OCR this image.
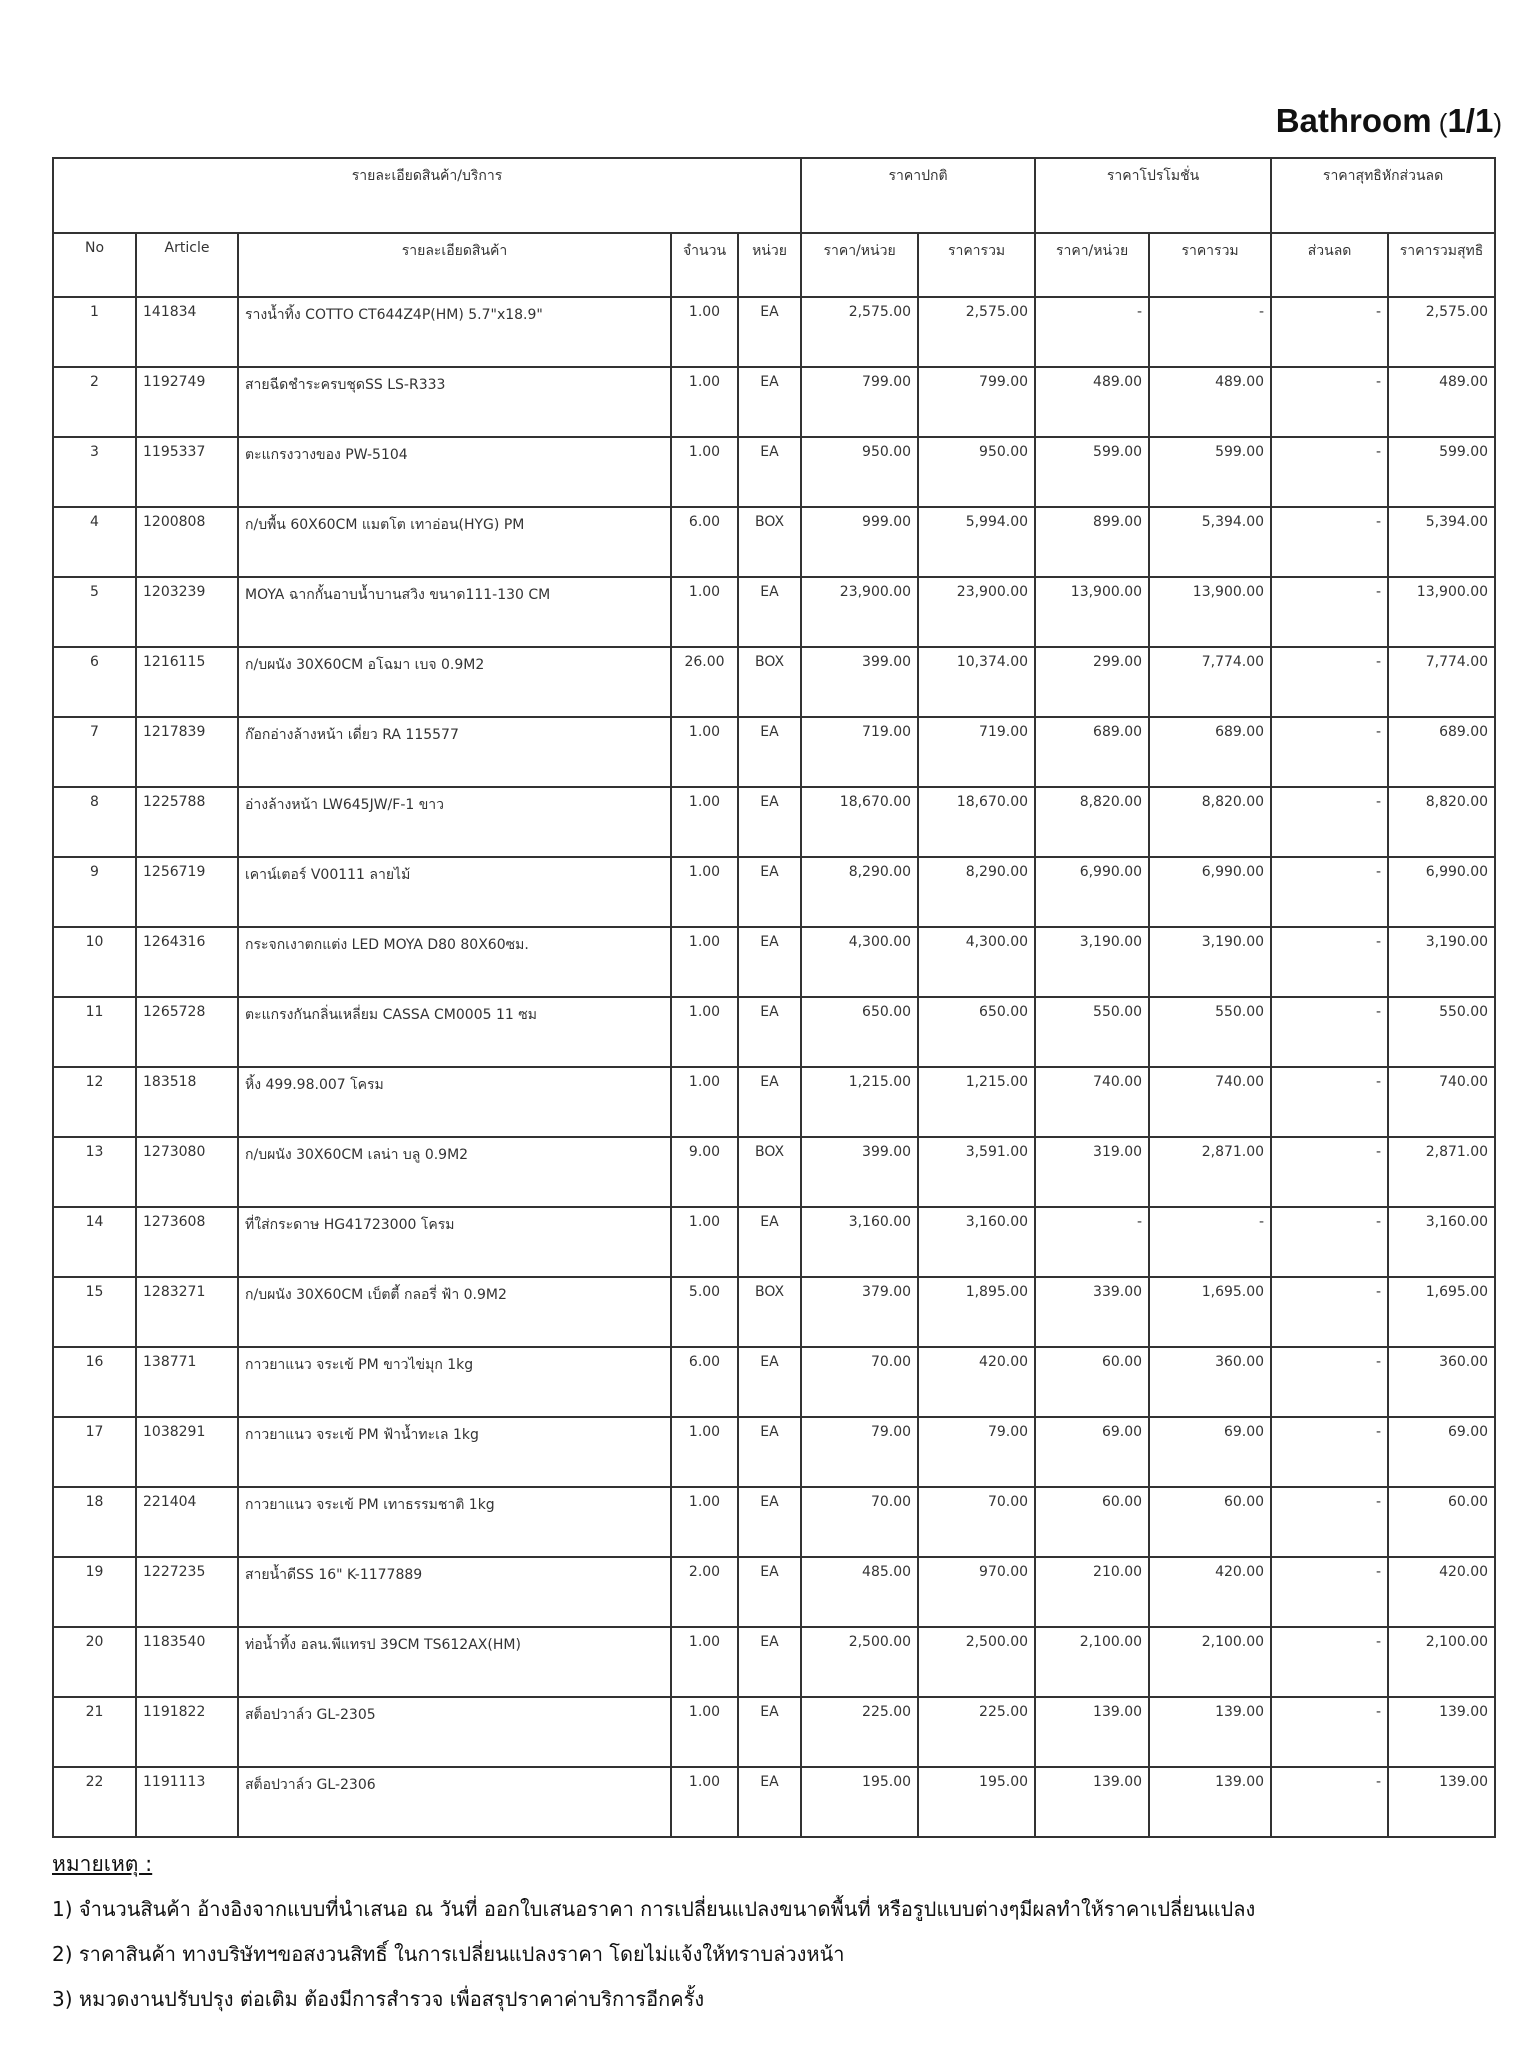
Bathroom (1/1)
รายละเอียดสินค้า/บริการ					ราคาปกติ		ราคาโปรโมชั่น		ราคาสุทธิหักส่วนลด	
No	Article	รายละเอียดสินค้า	จำนวน	หน่วย	ราคา/หน่วย	ราคารวม	ราคา/หน่วย	ราคารวม	ส่วนลด	ราคารวมสุทธิ
1	141834	รางน้ำทิ้ง COTTO CT644Z4P(HM) 5.7"x18.9"	1.00	EA	2,575.00	2,575.00	-	-	-	2,575.00
2	1192749	สายฉีดชำระครบชุดSS LS-R333	1.00	EA	799.00	799.00	489.00	489.00	-	489.00
3	1195337	ตะแกรงวางของ PW-5104	1.00	EA	950.00	950.00	599.00	599.00	-	599.00
4	1200808	ก/บพื้น 60X60CM แมตโต เทาอ่อน(HYG) PM	6.00	BOX	999.00	5,994.00	899.00	5,394.00	-	5,394.00
5	1203239	MOYA ฉากกั้นอาบน้ำบานสวิง ขนาด111-130 CM	1.00	EA	23,900.00	23,900.00	13,900.00	13,900.00	-	13,900.00
6	1216115	ก/บผนัง 30X60CM อโฉมา เบจ 0.9M2	26.00	BOX	399.00	10,374.00	299.00	7,774.00	-	7,774.00
7	1217839	ก๊อกอ่างล้างหน้า เดี่ยว RA 115577	1.00	EA	719.00	719.00	689.00	689.00	-	689.00
8	1225788	อ่างล้างหน้า LW645JW/F-1 ขาว	1.00	EA	18,670.00	18,670.00	8,820.00	8,820.00	-	8,820.00
9	1256719	เคาน์เตอร์ V00111 ลายไม้	1.00	EA	8,290.00	8,290.00	6,990.00	6,990.00	-	6,990.00
10	1264316	กระจกเงาตกแต่ง LED MOYA D80 80X60ซม.	1.00	EA	4,300.00	4,300.00	3,190.00	3,190.00	-	3,190.00
11	1265728	ตะแกรงกันกลิ่นเหลี่ยม CASSA CM0005 11 ซม	1.00	EA	650.00	650.00	550.00	550.00	-	550.00
12	183518	หิ้ง 499.98.007 โครม	1.00	EA	1,215.00	1,215.00	740.00	740.00	-	740.00
13	1273080	ก/บผนัง 30X60CM เลน่า บลู 0.9M2	9.00	BOX	399.00	3,591.00	319.00	2,871.00	-	2,871.00
14	1273608	ที่ใส่กระดาษ HG41723000 โครม	1.00	EA	3,160.00	3,160.00	-	-	-	3,160.00
15	1283271	ก/บผนัง 30X60CM เบ็ตตี้ กลอรี่ ฟ้า 0.9M2	5.00	BOX	379.00	1,895.00	339.00	1,695.00	-	1,695.00
16	138771	กาวยาแนว จระเข้ PM ขาวไข่มุก 1kg	6.00	EA	70.00	420.00	60.00	360.00	-	360.00
17	1038291	กาวยาแนว จระเข้ PM ฟ้าน้ำทะเล 1kg	1.00	EA	79.00	79.00	69.00	69.00	-	69.00
18	221404	กาวยาแนว จระเข้ PM เทาธรรมชาติ 1kg	1.00	EA	70.00	70.00	60.00	60.00	-	60.00
19	1227235	สายน้ำดีSS 16" K-1177889	2.00	EA	485.00	970.00	210.00	420.00	-	420.00
20	1183540	ท่อน้ำทิ้ง อลน.พีแทรป 39CM TS612AX(HM)	1.00	EA	2,500.00	2,500.00	2,100.00	2,100.00	-	2,100.00
21	1191822	สต็อปวาล์ว GL-2305	1.00	EA	225.00	225.00	139.00	139.00	-	139.00
22	1191113	สต็อปวาล์ว GL-2306	1.00	EA	195.00	195.00	139.00	139.00	-	139.00
หมายเหตุ :
1) จำนวนสินค้า อ้างอิงจากแบบที่นำเสนอ ณ วันที่ ออกใบเสนอราคา การเปลี่ยนแปลงขนาดพื้นที่ หรือรูปแบบต่างๆมีผลทำให้ราคาเปลี่ยนแปลง
2) ราคาสินค้า ทางบริษัทฯขอสงวนสิทธิ์ ในการเปลี่ยนแปลงราคา โดยไม่แจ้งให้ทราบล่วงหน้า
3) หมวดงานปรับปรุง ต่อเติม ต้องมีการสำรวจ เพื่อสรุปราคาค่าบริการอีกครั้ง
